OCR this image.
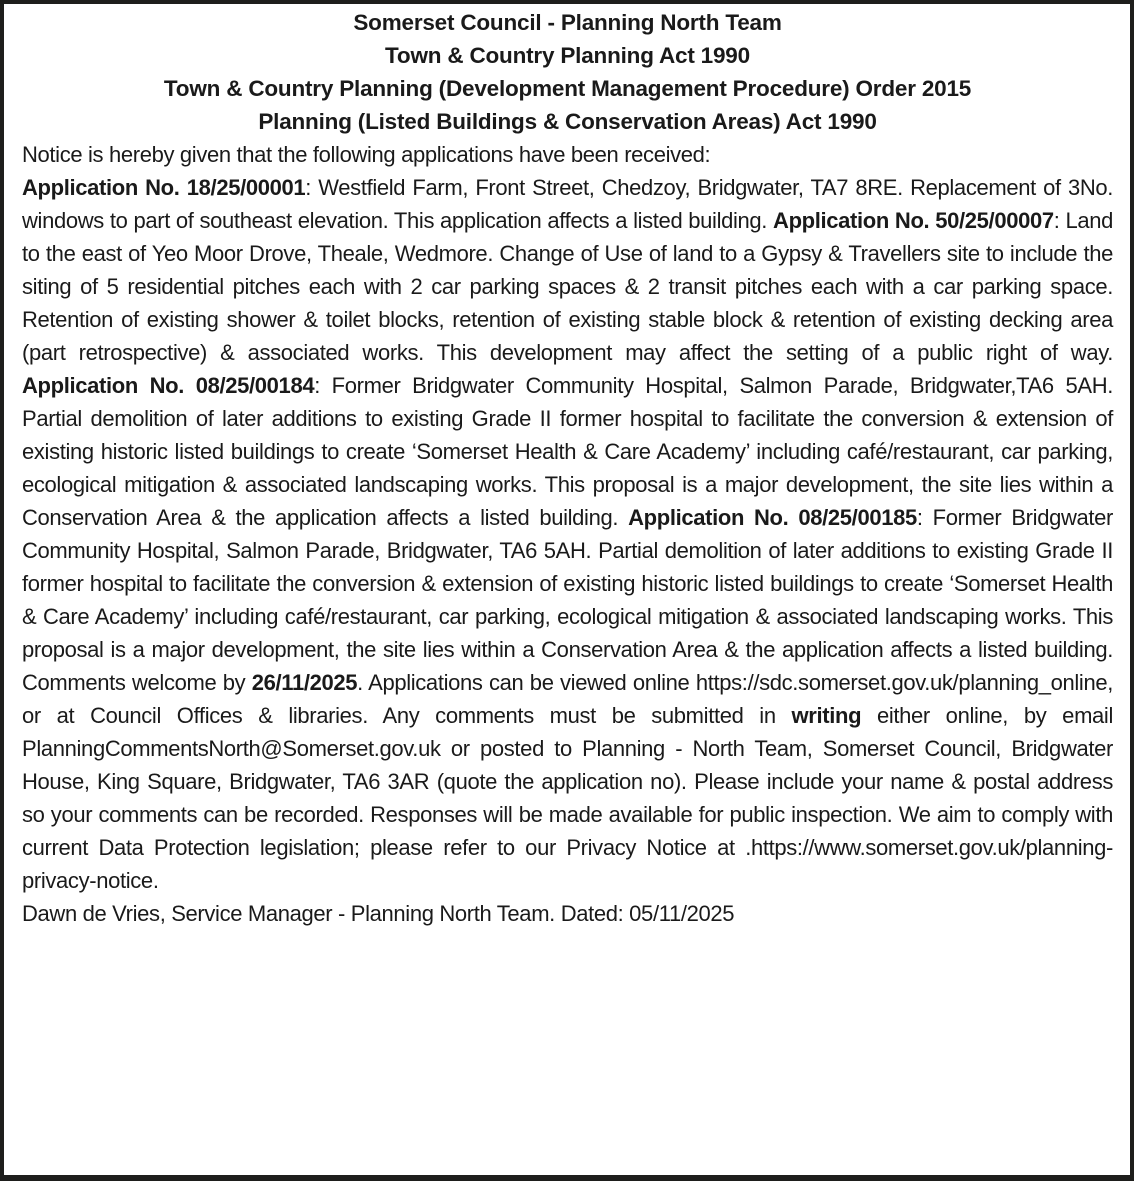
Somerset Council - Planning North Team

Town & Country Planning Act 1990

Town & Country Planning (Development Management Procedure) Order 2015

Planning (Listed Buildings & Conservation Areas) Act 1990

Notice is hereby given that the following applications have been received:

Application No. 18/25/00001: Westfield Farm, Front Street, Chedzoy, Bridgwater, TA7 8RE. Replacement of 3No. windows to part of southeast elevation. This application affects a listed building. Application No. 50/25/00007: Land to the east of Yeo Moor Drove, Theale, Wedmore. Change of Use of land to a Gypsy & Travellers site to include the siting of 5 residential pitches each with 2 car parking spaces & 2 transit pitches each with a car parking space. Retention of existing shower & toilet blocks, retention of existing stable block & retention of existing decking area (part retrospective) & associated works. This development may affect the setting of a public right of way. Application No. 08/25/00184: Former Bridgwater Community Hospital, Salmon Parade, Bridgwater,TA6 5AH. Partial demolition of later additions to existing Grade II former hospital to facilitate the conversion & extension of existing historic listed buildings to create ‘Somerset Health & Care Academy’ including café/restaurant, car parking, ecological mitigation & associated landscaping works. This proposal is a major development, the site lies within a Conservation Area & the application affects a listed building. Application No. 08/25/00185: Former Bridgwater Community Hospital, Salmon Parade, Bridgwater, TA6 5AH. Partial demolition of later additions to existing Grade II former hospital to facilitate the conversion & extension of existing historic listed buildings to create ‘Somerset Health & Care Academy’ including café/restaurant, car parking, ecological mitigation & associated landscaping works. This proposal is a major development, the site lies within a Conservation Area & the application affects a listed building. Comments welcome by 26/11/2025. Applications can be viewed online https://sdc.somerset.gov.uk/planning_online, or at Council Offices & libraries. Any comments must be submitted in writing either online, by email PlanningCommentsNorth@Somerset.gov.uk or posted to Planning - North Team, Somerset Council, Bridgwater House, King Square, Bridgwater, TA6 3AR (quote the application no). Please include your name & postal address so your comments can be recorded. Responses will be made available for public inspection. We aim to comply with current Data Protection legislation; please refer to our Privacy Notice at .https://www.somerset.gov.uk/planning-privacy-notice.

Dawn de Vries, Service Manager - Planning North Team. Dated: 05/11/2025
